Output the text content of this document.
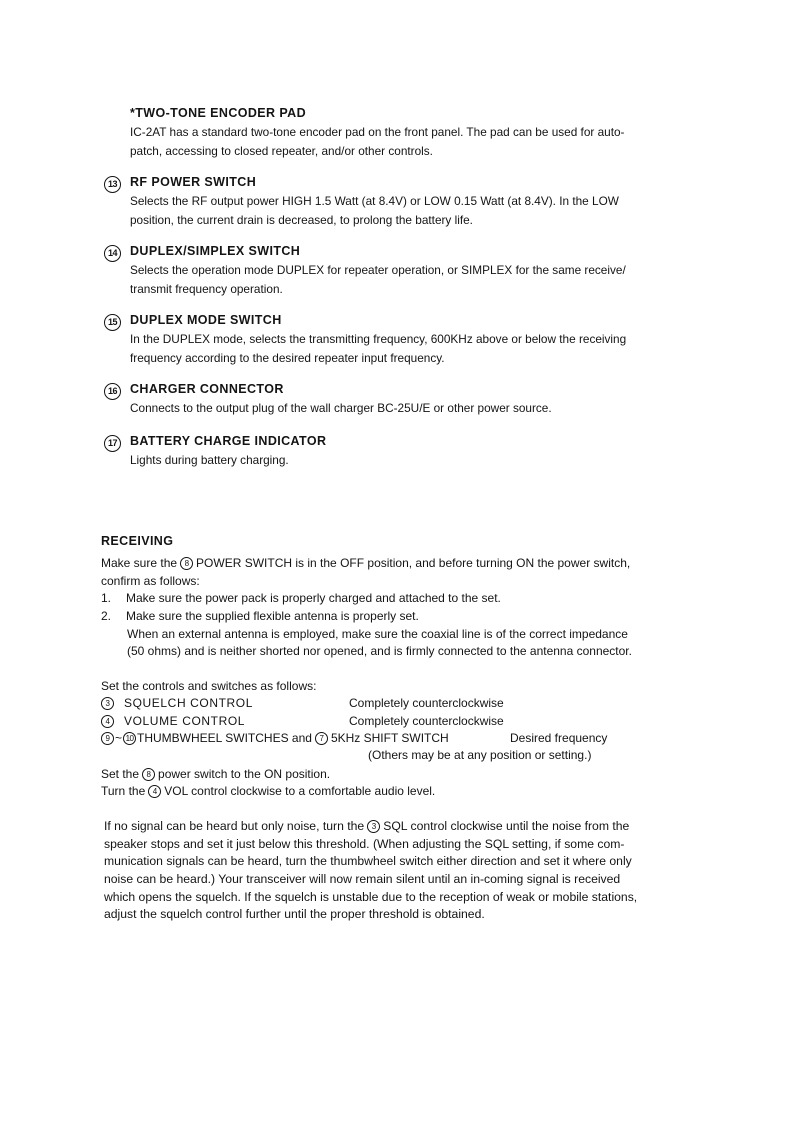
*TWO-TONE ENCODER PAD
IC-2AT has a standard two-tone encoder pad on the front panel. The pad can be used for auto-
patch, accessing to closed repeater, and/or other controls.
13	RF POWER SWITCH
Selects the RF output power HIGH 1.5 Watt (at 8.4V) or LOW 0.15 Watt (at 8.4V). In the LOW
position, the current drain is decreased, to prolong the battery life.
14	DUPLEX/SIMPLEX SWITCH
Selects the operation mode DUPLEX for repeater operation, or SIMPLEX for the same receive/
transmit frequency operation.
15	DUPLEX MODE SWITCH
In the DUPLEX mode, selects the transmitting frequency, 600KHz above or below the receiving
frequency according to the desired repeater input frequency.
16	CHARGER CONNECTOR
Connects to the output plug of the wall charger BC-25U/E or other power source.
17	BATTERY CHARGE INDICATOR
Lights during battery charging.
RECEIVING
Make sure the 8 POWER SWITCH is in the OFF position, and before turning ON the power switch,
confirm as follows:
1. Make sure the power pack is properly charged and attached to the set.
2. Make sure the supplied flexible antenna is properly set.
When an external antenna is employed, make sure the coaxial line is of the correct impedance
(50 ohms) and is neither shorted nor opened, and is firmly connected to the antenna connector.
Set the controls and switches as follows:
3 SQUELCH CONTROL	Completely counterclockwise
4 VOLUME CONTROL	Completely counterclockwise
9 ~ 10 THUMBWHEEL SWITCHES and 7 5KHz SHIFT SWITCH	Desired frequency
(Others may be at any position or setting.)
Set the 8 power switch to the ON position.
Turn the 4 VOL control clockwise to a comfortable audio level.
If no signal can be heard but only noise, turn the 3 SQL control clockwise until the noise from the
speaker stops and set it just below this threshold. (When adjusting the SQL setting, if some com-
munication signals can be heard, turn the thumbwheel switch either direction and set it where only
noise can be heard.) Your transceiver will now remain silent until an in-coming signal is received
which opens the squelch. If the squelch is unstable due to the reception of weak or mobile stations,
adjust the squelch control further until the proper threshold is obtained.
